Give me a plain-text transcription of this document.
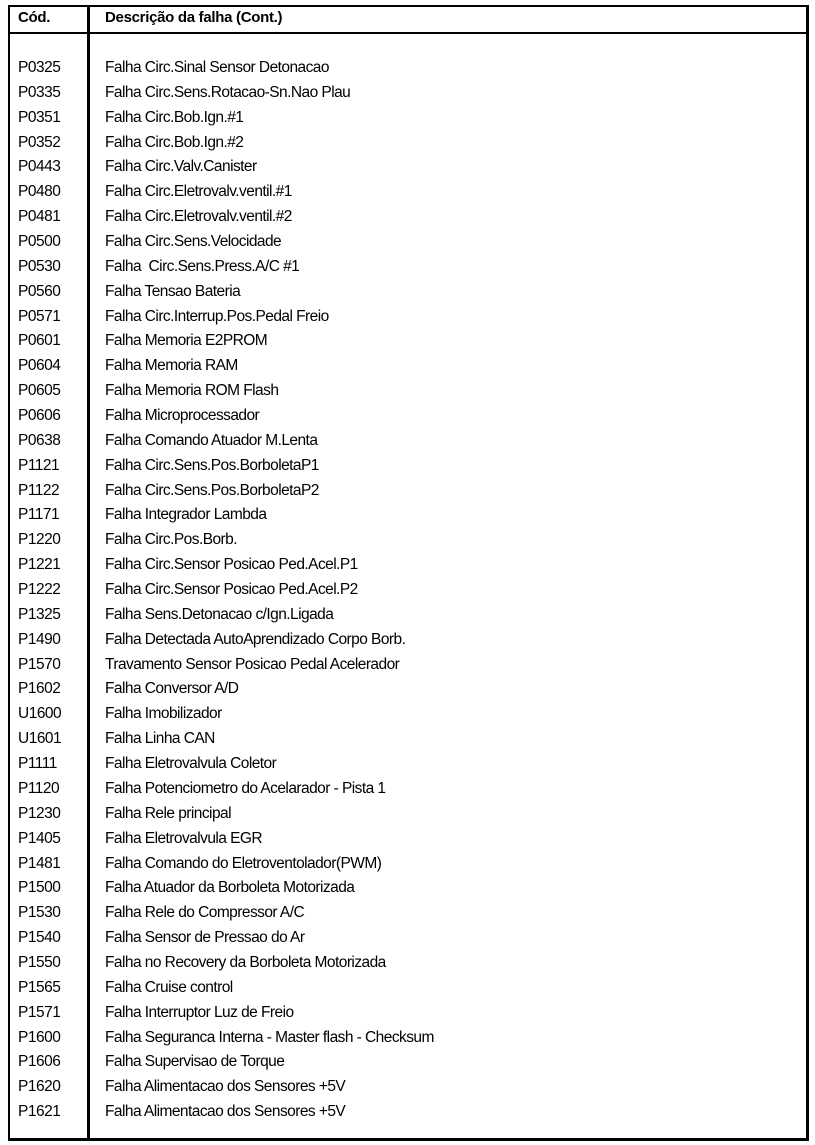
Cód.	Descrição da falha (Cont.)
P0325	Falha Circ.Sinal Sensor Detonacao
P0335	Falha Circ.Sens.Rotacao-Sn.Nao Plau
P0351	Falha Circ.Bob.Ign.#1
P0352	Falha Circ.Bob.Ign.#2
P0443	Falha Circ.Valv.Canister
P0480	Falha Circ.Eletrovalv.ventil.#1
P0481	Falha Circ.Eletrovalv.ventil.#2
P0500	Falha Circ.Sens.Velocidade
P0530	Falha  Circ.Sens.Press.A/C #1
P0560	Falha Tensao Bateria
P0571	Falha Circ.Interrup.Pos.Pedal Freio
P0601	Falha Memoria E2PROM
P0604	Falha Memoria RAM
P0605	Falha Memoria ROM Flash
P0606	Falha Microprocessador
P0638	Falha Comando Atuador M.Lenta
P1121	Falha Circ.Sens.Pos.BorboletaP1
P1122	Falha Circ.Sens.Pos.BorboletaP2
P1171	Falha Integrador Lambda
P1220	Falha Circ.Pos.Borb.
P1221	Falha Circ.Sensor Posicao Ped.Acel.P1
P1222	Falha Circ.Sensor Posicao Ped.Acel.P2
P1325	Falha Sens.Detonacao c/Ign.Ligada
P1490	Falha Detectada AutoAprendizado Corpo Borb.
P1570	Travamento Sensor Posicao Pedal Acelerador
P1602	Falha Conversor A/D
U1600	Falha Imobilizador
U1601	Falha Linha CAN
P1111	Falha Eletrovalvula Coletor
P1120	Falha Potenciometro do Acelarador - Pista 1
P1230	Falha Rele principal
P1405	Falha Eletrovalvula EGR
P1481	Falha Comando do Eletroventolador(PWM)
P1500	Falha Atuador da Borboleta Motorizada
P1530	Falha Rele do Compressor A/C
P1540	Falha Sensor de Pressao do Ar
P1550	Falha no Recovery da Borboleta Motorizada
P1565	Falha Cruise control
P1571	Falha Interruptor Luz de Freio
P1600	Falha Seguranca Interna - Master flash - Checksum
P1606	Falha Supervisao de Torque
P1620	Falha Alimentacao dos Sensores +5V
P1621	Falha Alimentacao dos Sensores +5V
